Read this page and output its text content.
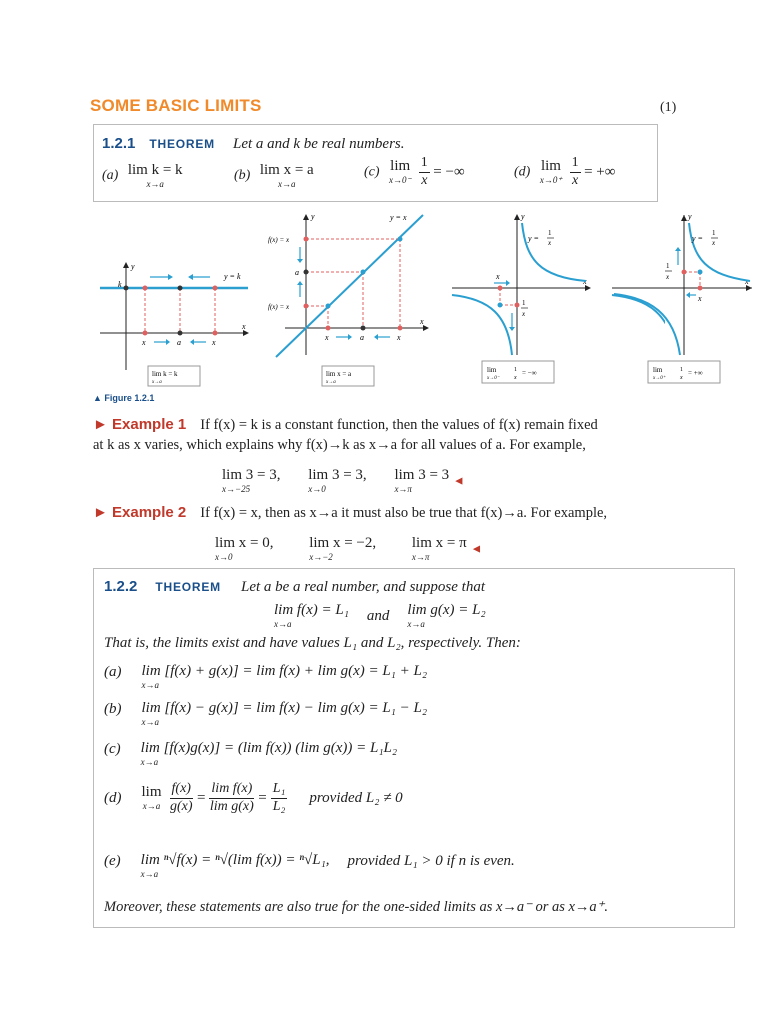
SOME BASIC LIMITS	(1)
1.2.1 THEOREM Let a and k be real numbers.
(a) lim k = k
x→a
(b) lim x = a
x→a
(c) lim
x→0⁻
$\frac{1}{x}$ = −∞	(d) lim
x→0⁺
$\frac{1}{x}$ = +∞
y
x
k
y = k
x	a	x
lim k = k
x→a
y
x
y = x
f(x) = x
a
f(x) = x
x	a	x
lim x = a
x→a
y
x
y =
1
x
x
1
x
lim
x→0⁻
1
x
= −∞
y
x
y =
1
x
1
x
x
lim
x→0⁺
1
x
= +∞
▲ Figure 1.2.1
► Example 1 If f(x) = k is a constant function, then the values of f(x) remain fixed
at k as x varies, which explains why f(x)→k as x→a for all values of a. For example,
lim 3 = 3,
x→−25

lim 3 = 3,
x→0

lim 3 = 3
x→π
◄
► Example 2 If f(x) = x, then as x→a it must also be true that f(x)→a. For example,
lim x = 0,
x→0

lim x = −2,
x→−2

lim x = π
x→π
◄
1.2.2 THEOREM Let a be a real number, and suppose that
lim f(x) = L₁
x→a
and lim g(x) = L₂
x→a
That is, the limits exist and have values L₁ and L₂, respectively. Then:
(a) lim [f(x) + g(x)] = lim f(x) + lim g(x) = L₁ + L₂
x→a
(b) lim [f(x) − g(x)] = lim f(x) − lim g(x) = L₁ − L₂
x→a
(c) lim [f(x)g(x)] = (lim f(x)) (lim g(x)) = L₁L₂
x→a
(d) lim
x→a
$\frac{f(x)}{g(x)} = \frac{\text{lim f(x)}}{\text{lim g(x)}} = \frac{\text{L₁}}{\text{L₂}}$ provided L₂ ≠ 0
(e) lim ⁿ√f(x) = ⁿ√(lim f(x)) = ⁿ√L₁,
x→a
provided L₁ > 0 if n is even.
Moreover, these statements are also true for the one-sided limits as x→a⁻ or as x→a⁺.
